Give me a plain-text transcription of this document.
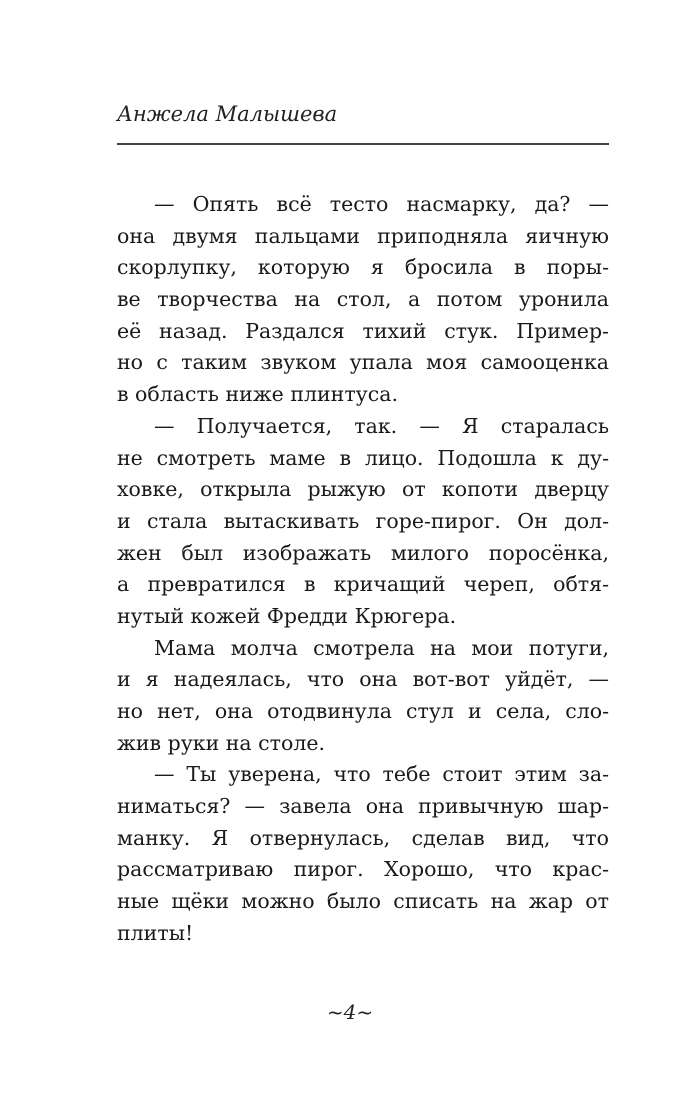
Анжела Малышева
— Опять всё тесто насмарку, да? —
она двумя пальцами приподняла яичную
скорлупку, которую я бросила в поры-
ве творчества на стол, а потом уронила
её назад. Раздался тихий стук. Пример-
но с таким звуком упала моя самооценка
в область ниже плинтуса.
— Получается, так. — Я старалась
не смотреть маме в лицо. Подошла к ду-
ховке, открыла рыжую от копоти дверцу
и стала вытаскивать горе-пирог. Он дол-
жен был изображать милого поросёнка,
а превратился в кричащий череп, обтя-
нутый кожей Фредди Крюгера.
Мама молча смотрела на мои потуги,
и я надеялась, что она вот-вот уйдёт, —
но нет, она отодвинула стул и села, сло-
жив руки на столе.
— Ты уверена, что тебе стоит этим за-
ниматься? — завела она привычную шар-
манку. Я отвернулась, сделав вид, что
рассматриваю пирог. Хорошо, что крас-
ные щёки можно было списать на жар от
плиты!
~4~
